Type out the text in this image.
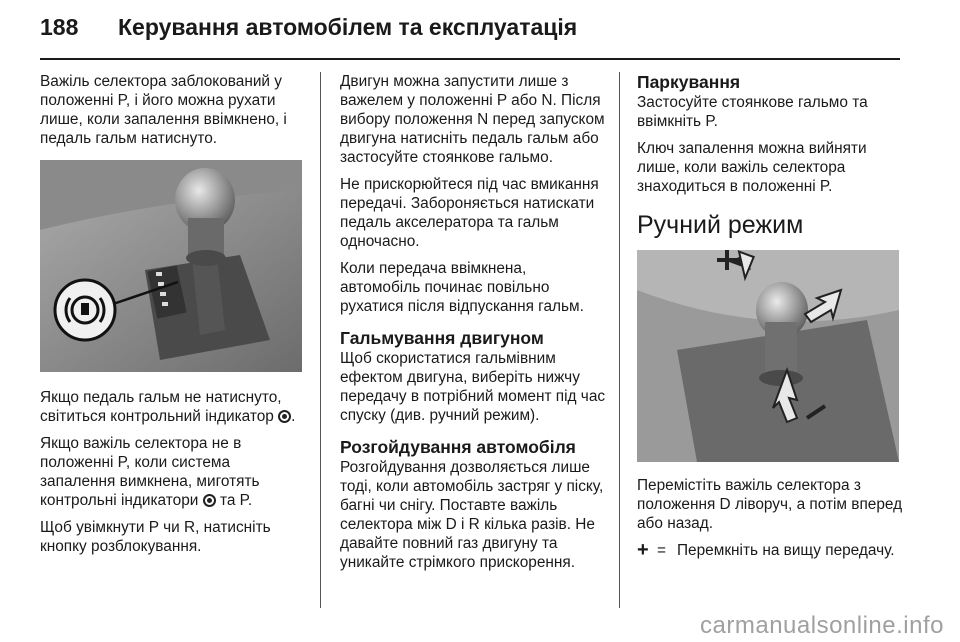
188 Керування автомобілем та експлуатація

Важіль селектора заблокований у положенні P, і його можна рухати лише, коли запалення ввімкнено, і педаль гальм натиснуто.

Якщо педаль гальм не натиснуто, світиться контрольний індикатор .

Якщо важіль селектора не в положенні P, коли система запалення вимкнена, миготять контрольні індикатори та P.

Щоб увімкнути P чи R, натисніть кнопку розблокування.

Двигун можна запустити лише з важелем у положенні P або N. Після вибору положення N перед запуском двигуна натисніть педаль гальм або застосуйте стоянкове гальмо.

Не прискорюйтеся під час вмикання передачі. Забороняється натискати педаль акселератора та гальм одночасно.

Коли передача ввімкнена, автомобіль починає повільно рухатися після відпускання гальм.

Гальмування двигуном

Щоб скористатися гальмівним ефектом двигуна, виберіть нижчу передачу в потрібний момент під час спуску (див. ручний режим).

Розгойдування автомобіля

Розгойдування дозволяється лише тоді, коли автомобіль застряг у піску, багні чи снігу. Поставте важіль селектора між D і R кілька разів. Не давайте повний газ двигуну та уникайте стрімкого прискорення.

Паркування

Застосуйте стоянкове гальмо та ввімкніть P.

Ключ запалення можна вийняти лише, коли важіль селектора знаходиться в положенні P.

Ручний режим

Перемістіть важіль селектора з положення D ліворуч, а потім вперед або назад.

+ = Перемкніть на вищу передачу.
carmanualsonline.info
